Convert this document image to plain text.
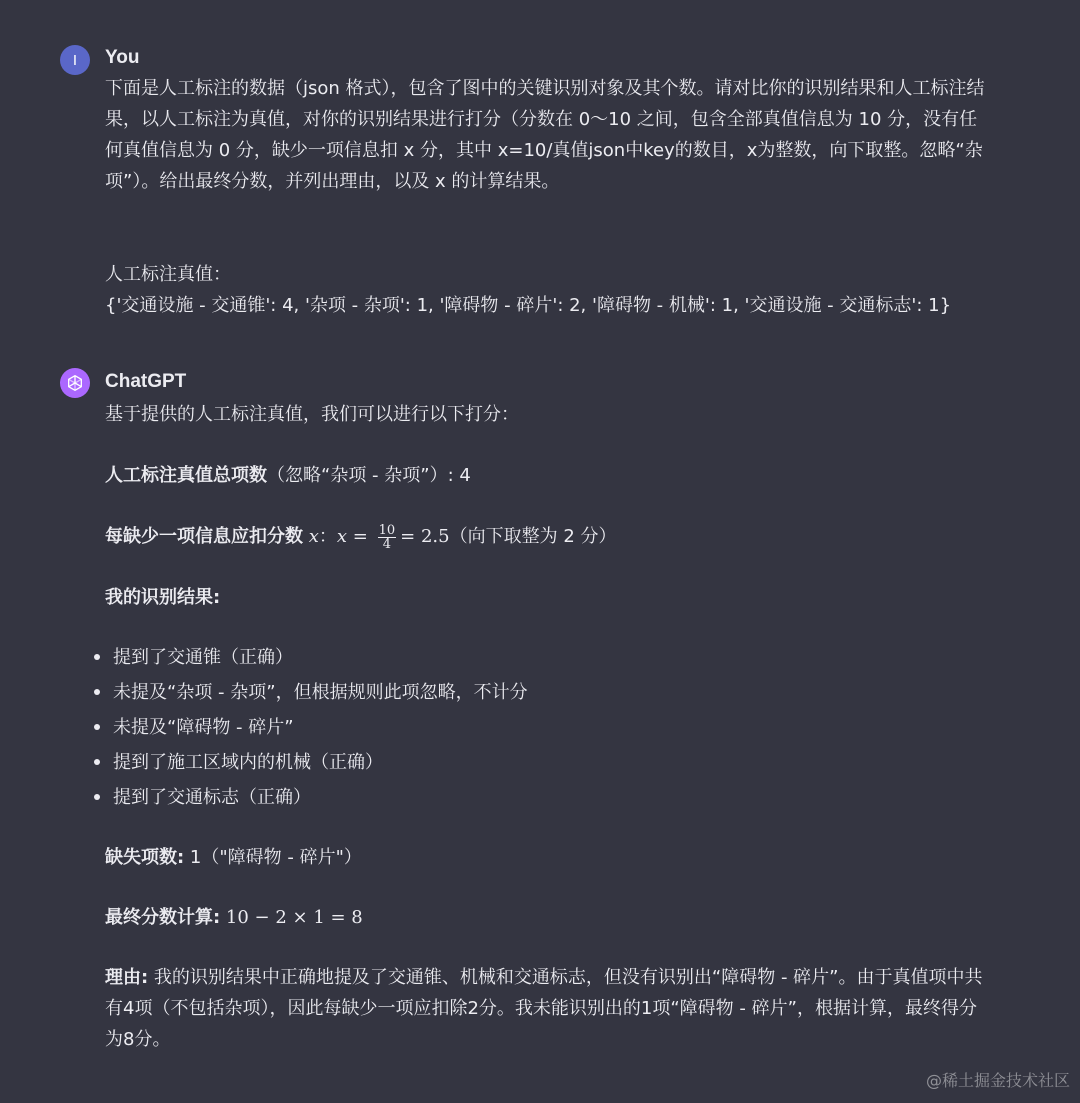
I You

下面是人工标注的数据（json 格式），包含了图中的关键识别对象及其个数。请对比你的识别结果和人工标注结果，以人工标注为真值，对你的识别结果进行打分（分数在 0～10 之间，包含全部真值信息为 10 分，没有任何真值信息为 0 分，缺少一项信息扣 x 分，其中 x=10/真值json中key的数目，x为整数，向下取整。忽略“杂项”）。给出最终分数，并列出理由，以及 x 的计算结果。

人工标注真值：

{'交通设施 - 交通锥': 4, '杂项 - 杂项': 1, '障碍物 - 碎片': 2, '障碍物 - 机械': 1, '交通设施 - 交通标志': 1}

ChatGPT

基于提供的人工标注真值，我们可以进行以下打分：

人工标注真值总项数（忽略“杂项 - 杂项”）: 4

每缺少一项信息应扣分数 x：$x = \frac{10}{4} = 2.5$（向下取整为 2 分）

我的识别结果:

提到了交通锥（正确）
未提及“杂项 - 杂项”，但根据规则此项忽略，不计分
未提及“障碍物 - 碎片”
提到了施工区域内的机械（正确）
提到了交通标志（正确）

缺失项数: 1（"障碍物 - 碎片"）

最终分数计算: 10 − 2 × 1 = 8

理由: 我的识别结果中正确地提及了交通锥、机械和交通标志，但没有识别出“障碍物 - 碎片”。由于真值项中共有4项（不包括杂项），因此每缺少一项应扣除2分。我未能识别出的1项“障碍物 - 碎片”，根据计算，最终得分为8分。

@稀土掘金技术社区
